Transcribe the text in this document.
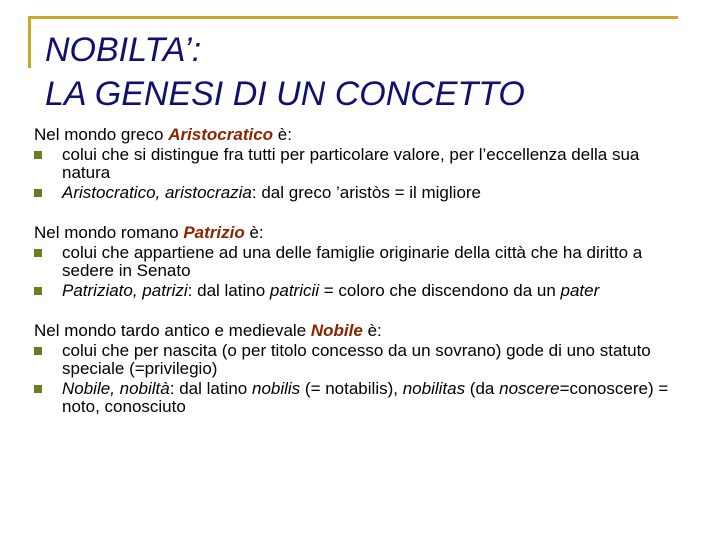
NOBILTA’:
LA GENESI DI UN CONCETTO
Nel mondo greco Aristocratico è:
colui che si distingue fra tutti per particolare valore, per l’eccellenza della sua natura
Aristocratico, aristocrazia: dal greco ’aristòs = il migliore
Nel mondo romano Patrizio è:
colui che appartiene ad una delle famiglie originarie della città che ha diritto a sedere in Senato
Patriziato, patrizi: dal latino patricii = coloro che discendono da un pater
Nel mondo tardo antico e medievale Nobile è:
colui che per nascita (o per titolo concesso da un sovrano) gode di uno statuto speciale (=privilegio)
Nobile, nobiltà: dal latino nobilis (= notabilis), nobilitas (da noscere=conoscere) = noto, conosciuto
